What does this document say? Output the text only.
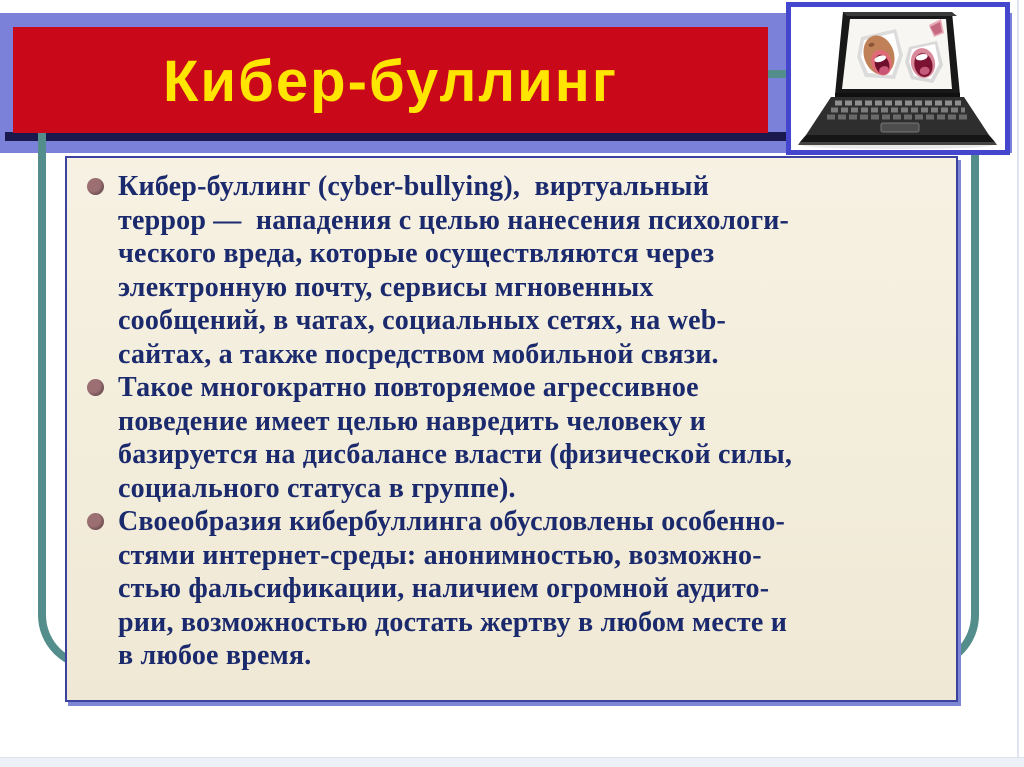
Кибер-буллинг
Кибер-буллинг (cyber-bullying),  виртуальный
террор —  нападения с целью нанесения психологи-
ческого вреда, которые осуществляются через
электронную почту, сервисы мгновенных
сообщений, в чатах, социальных сетях, на web-
сайтах, а также посредством мобильной связи.
Такое многократно повторяемое агрессивное
поведение имеет целью навредить человеку и
базируется на дисбалансе власти (физической силы,
социального статуса в группе).
Своеобразия кибербуллинга обусловлены особенно-
стями интернет-среды: анонимностью, возможно-
стью фальсификации, наличием огромной аудито-
рии, возможностью достать жертву в любом месте и
в любое время.
